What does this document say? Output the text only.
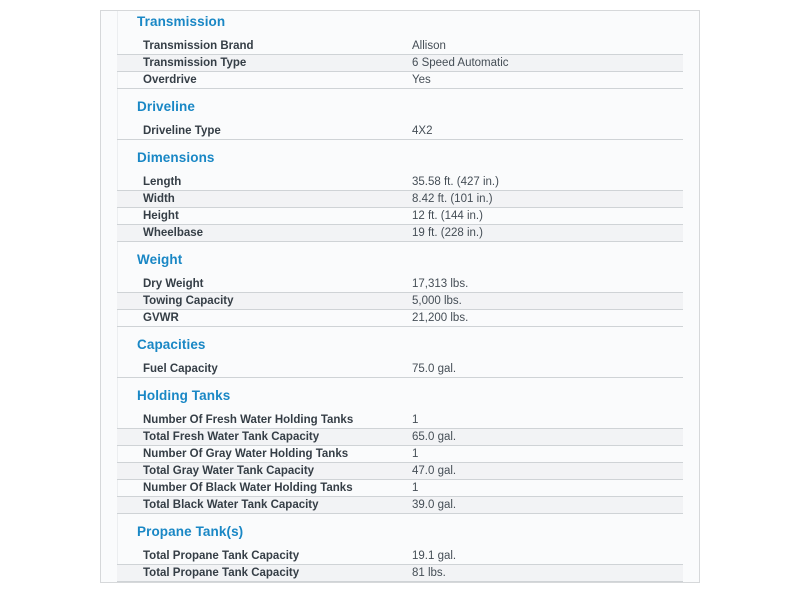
Transmission
Transmission Brand	Allison
Transmission Type	6 Speed Automatic
Overdrive	Yes
Driveline
Driveline Type	4X2
Dimensions
Length	35.58 ft. (427 in.)
Width	8.42 ft. (101 in.)
Height	12 ft. (144 in.)
Wheelbase	19 ft. (228 in.)
Weight
Dry Weight	17,313 lbs.
Towing Capacity	5,000 lbs.
GVWR	21,200 lbs.
Capacities
Fuel Capacity	75.0 gal.
Holding Tanks
Number Of Fresh Water Holding Tanks	1
Total Fresh Water Tank Capacity	65.0 gal.
Number Of Gray Water Holding Tanks	1
Total Gray Water Tank Capacity	47.0 gal.
Number Of Black Water Holding Tanks	1
Total Black Water Tank Capacity	39.0 gal.
Propane Tank(s)
Total Propane Tank Capacity	19.1 gal.
Total Propane Tank Capacity	81 lbs.
